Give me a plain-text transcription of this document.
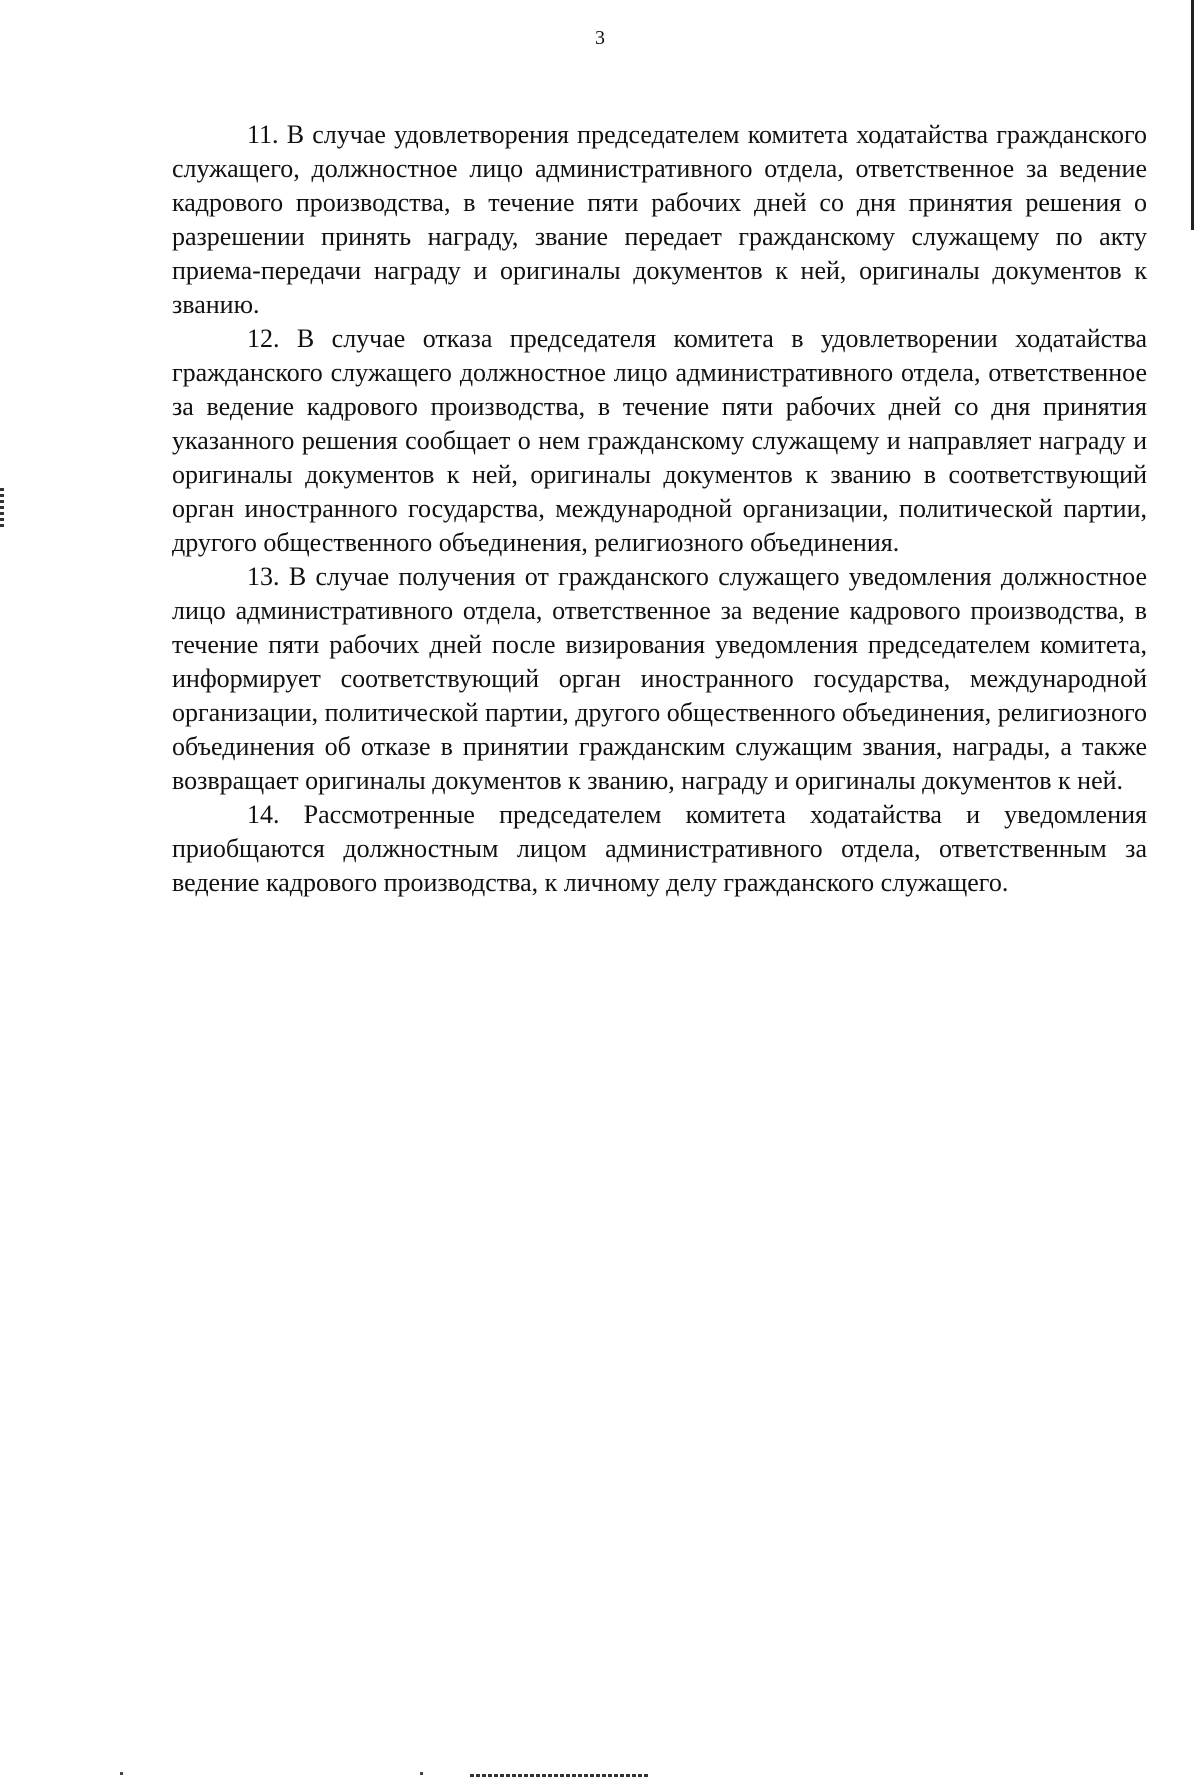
3

11. В случае удовлетворения председателем комитета ходатайства гражданского служащего, должностное лицо административного отдела, ответственное за ведение кадрового производства, в течение пяти рабочих дней со дня принятия решения о разрешении принять награду, звание передает гражданскому служащему по акту приема-передачи награду и оригиналы документов к ней, оригиналы документов к званию.

12. В случае отказа председателя комитета в удовлетворении ходатайства гражданского служащего должностное лицо административного отдела, ответственное за ведение кадрового производства, в течение пяти рабочих дней со дня принятия указанного решения сообщает о нем гражданскому служащему и направляет награду и оригиналы документов к ней, оригиналы документов к званию в соответствующий орган иностранного государства, международной организации, политической партии, другого общественного объединения, религиозного объединения.

13. В случае получения от гражданского служащего уведомления должностное лицо административного отдела, ответственное за ведение кадрового производства, в течение пяти рабочих дней после визирования уведомления председателем комитета, информирует соответствующий орган иностранного государства, международной организации, политической партии, другого общественного объединения, религиозного объединения об отказе в принятии гражданским служащим звания, награды, а также возвращает оригиналы документов к званию, награду и оригиналы документов к ней.

14. Рассмотренные председателем комитета ходатайства и уведомления приобщаются должностным лицом административного отдела, ответственным за ведение кадрового производства, к личному делу гражданского служащего.
